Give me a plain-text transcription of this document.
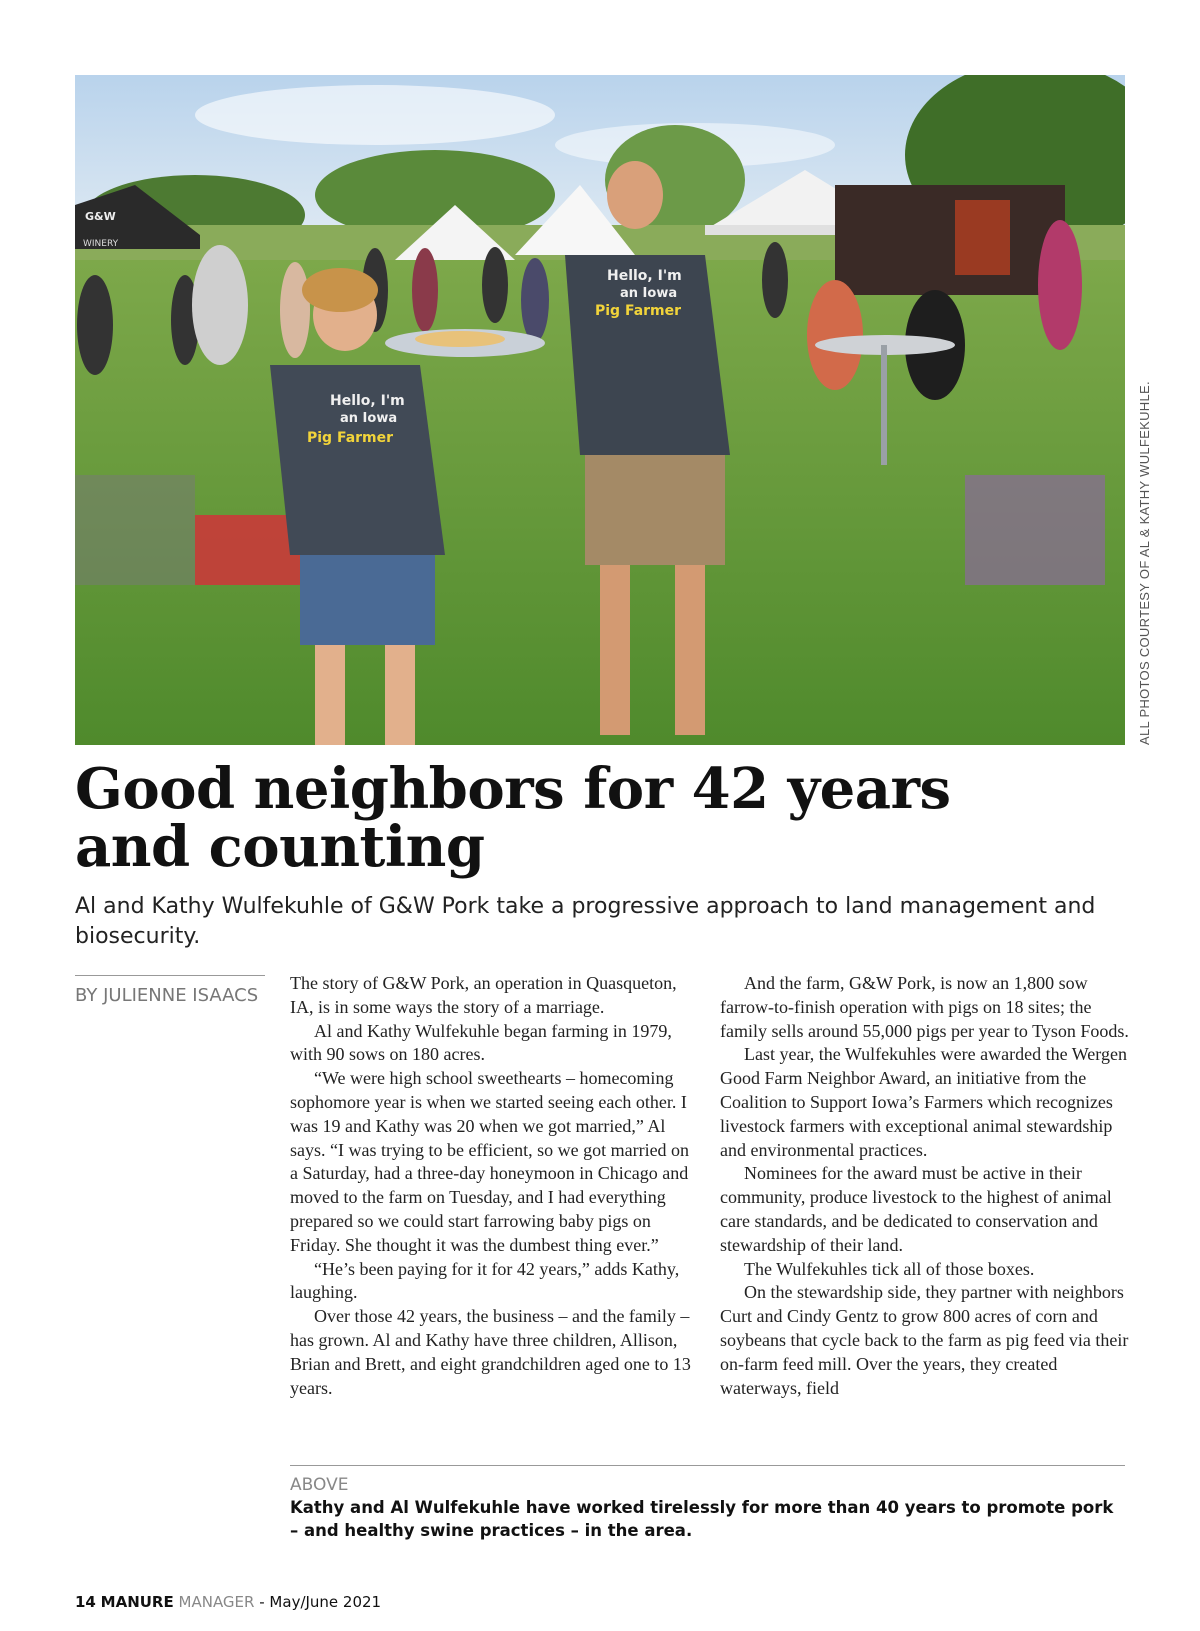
WINERY
G&W
Hello, I'm
an Iowa
Pig Farmer
Hello, I'm
an Iowa
Pig Farmer	ALL PHOTOS COURTESY OF AL & KATHY WULFEKUHLE.
Good neighbors for 42 years
and counting

Al and Kathy Wulfekuhle of G&W Pork take a progressive approach to land management and biosecurity.

BY JULIENNE ISAACS

The story of G&W Pork, an operation in Quasqueton, IA, is in some ways the story of a marriage.

Al and Kathy Wulfekuhle began farming in 1979, with 90 sows on 180 acres.

“We were high school sweethearts – homecoming sophomore year is when we started seeing each other. I was 19 and Kathy was 20 when we got married,” Al says. “I was trying to be efficient, so we got married on a Saturday, had a three-day honeymoon in Chicago and moved to the farm on Tuesday, and I had everything prepared so we could start farrowing baby pigs on Friday. She thought it was the dumbest thing ever.”

“He’s been paying for it for 42 years,” adds Kathy, laughing.

Over those 42 years, the business – and the family – has grown. Al and Kathy have three children, Allison, Brian and Brett, and eight grandchildren aged one to 13 years.

And the farm, G&W Pork, is now an 1,800 sow farrow-to-finish operation with pigs on 18 sites; the family sells around 55,000 pigs per year to Tyson Foods.

Last year, the Wulfekuhles were awarded the Wergen Good Farm Neighbor Award, an initiative from the Coalition to Support Iowa’s Farmers which recognizes livestock farmers with exceptional animal stewardship and environmental practices.

Nominees for the award must be active in their community, produce livestock to the highest of animal care standards, and be dedicated to conservation and stewardship of their land.

The Wulfekuhles tick all of those boxes.

On the stewardship side, they partner with neighbors Curt and Cindy Gentz to grow 800 acres of corn and soybeans that cycle back to the farm as pig feed via their on-farm feed mill. Over the years, they created waterways, field

ABOVE

Kathy and Al Wulfekuhle have worked tirelessly for more than 40 years to promote pork – and healthy swine practices – in the area.

14 MANURE MANAGER - May/June 2021
